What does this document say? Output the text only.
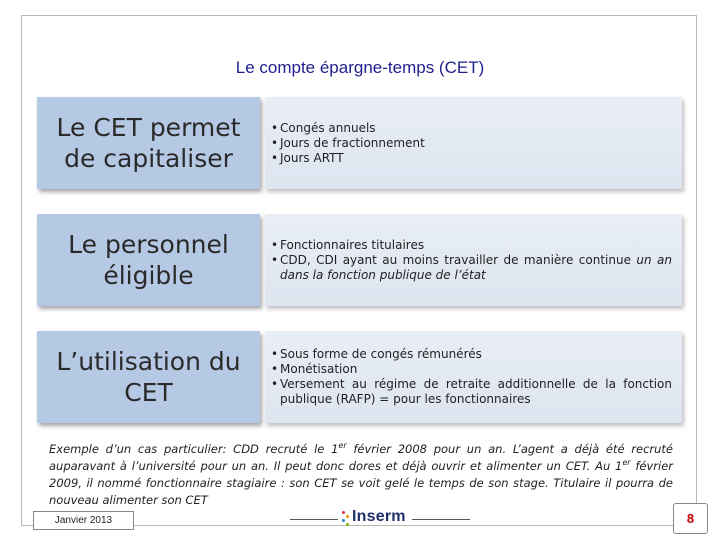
Le compte épargne-temps (CET)
Le CET permet de capitaliser
• Congés annuels
• Jours de fractionnement
• Jours ARTT
Le personnel éligible
• Fonctionnaires titulaires
• CDD, CDI ayant au moins travailler de manière continue un an dans la fonction publique de l’état
L’utilisation du CET
• Sous forme de congés rémunérés
• Monétisation
• Versement au régime de retraite additionnelle de la fonction publique (RAFP) = pour les fonctionnaires
Exemple d’un cas particulier: CDD recruté le 1er février 2008 pour un an. L’agent a déjà été recruté auparavant à l’université pour un an. Il peut donc dores et déjà ouvrir et alimenter un CET. Au 1er février 2009, il nommé fonctionnaire stagiaire : son CET se voit gelé le temps de son stage. Titulaire il pourra de nouveau alimenter son CET
Janvier 2013	Inserm	8
